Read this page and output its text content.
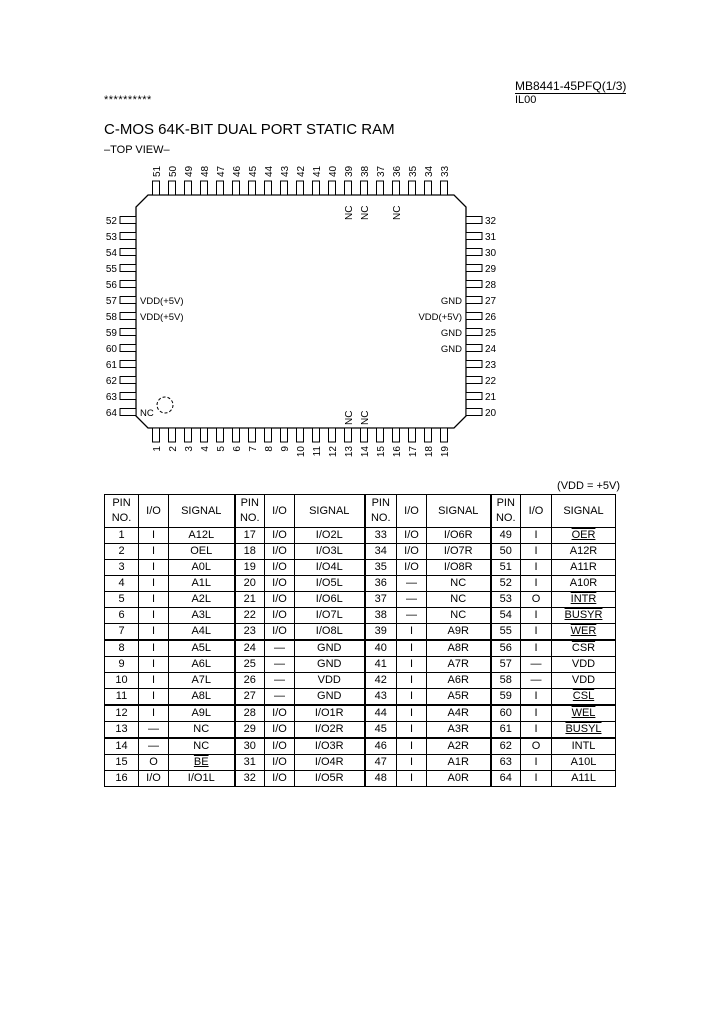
MB8441-45PFQ(1/3)
IL00
**********
C-MOS 64K-BIT DUAL PORT STATIC RAM
–TOP VIEW–
51 50 49 48 47 46 45 44 43 42 41 40 39
NC
38
NC
37 36
NC
35 34 33
1 2 3 4 5 6 7 8 9 10 11 12 13
NC
14
NC
15 16 17 18 19
52
53
54
55
56
57 VDD(+5V)
58 VDD(+5V)
59
60
61
62
63
64 NC
32
31
30
29
28
27
GND
26
VDD(+5V)
25
GND
24
GND
23
22
21
20
(VDD = +5V)
PIN
NO.	I/O	SIGNAL	PIN
NO.	I/O	SIGNAL	PIN
NO.	I/O	SIGNAL	PIN
NO.	I/O	SIGNAL
1	I	A12L	17	I/O	I/O2L	33	I/O	I/O6R	49	I	OER
2	I	OEL	18	I/O	I/O3L	34	I/O	I/O7R	50	I	A12R
3	I	A0L	19	I/O	I/O4L	35	I/O	I/O8R	51	I	A11R
4	I	A1L	20	I/O	I/O5L	36	—	NC	52	I	A10R
5	I	A2L	21	I/O	I/O6L	37	—	NC	53	O	INTR
6	I	A3L	22	I/O	I/O7L	38	—	NC	54	I	BUSYR
7	I	A4L	23	I/O	I/O8L	39	I	A9R	55	I	WER
8	I	A5L	24	—	GND	40	I	A8R	56	I	$\overline{CSR}$
9	I	A6L	25	—	GND	41	I	A7R	57	—	VDD
10	I	A7L	26	—	VDD	42	I	A6R	58	—	VDD
11	I	A8L	27	—	GND	43	I	A5R	59	I	CSL
12	I	A9L	28	I/O	I/O1R	44	I	A4R	60	I	WEL
13	—	NC	29	I/O	I/O2R	45	I	A3R	61	I	BUSYL
14	—	NC	30	I/O	I/O3R	46	I	A2R	62	O	INTL
15	O	BE	31	I/O	I/O4R	47	I	A1R	63	I	A10L
16	I/O	I/O1L	32	I/O	I/O5R	48	I	A0R	64	I	A11L
